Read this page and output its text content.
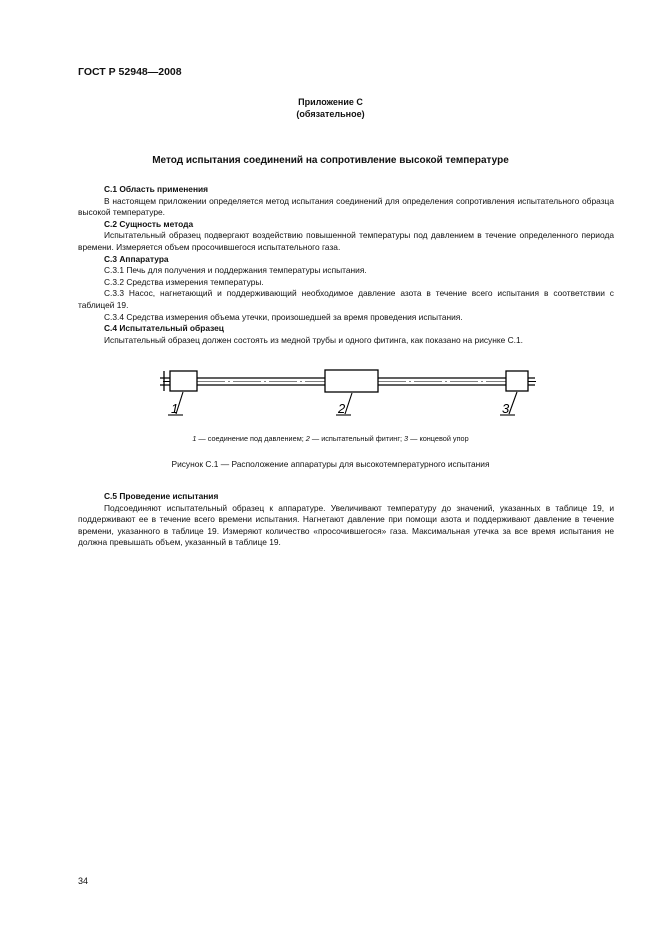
ГОСТ Р 52948—2008
Приложение С
(обязательное)
Метод испытания соединений на сопротивление высокой температуре

С.1 Область применения

В настоящем приложении определяется метод испытания соединений для определения сопротивления испытательного образца высокой температуре.

С.2 Сущность метода

Испытательный образец подвергают воздействию повышенной температуры под давлением в течение определенного периода времени. Измеряется объем просочившегося испытательного газа.

С.3 Аппаратура

С.3.1 Печь для получения и поддержания температуры испытания.

С.3.2 Средства измерения температуры.

С.3.3 Насос, нагнетающий и поддерживающий необходимое давление азота в течение всего испытания в соответствии с таблицей 19.

С.3.4 Средства измерения объема утечки, произошедшей за время проведения испытания.

С.4 Испытательный образец

Испытательный образец должен состоять из медной трубы и одного фитинга, как показано на рисунке С.1.

1	2	3
1 — соединение под давлением; 2 — испытательный фитинг; 3 — концевой упор
Рисунок С.1 — Расположение аппаратуры для высокотемпературного испытания

С.5 Проведение испытания

Подсоединяют испытательный образец к аппаратуре. Увеличивают температуру до значений, указанных в таблице 19, и поддерживают ее в течение всего времени испытания. Нагнетают давление при помощи азота и поддерживают давление в течение времени, указанного в таблице 19. Измеряют количество «просочившегося» газа. Максимальная утечка за все время испытания не должна превышать объем, указанный в таблице 19.

34
